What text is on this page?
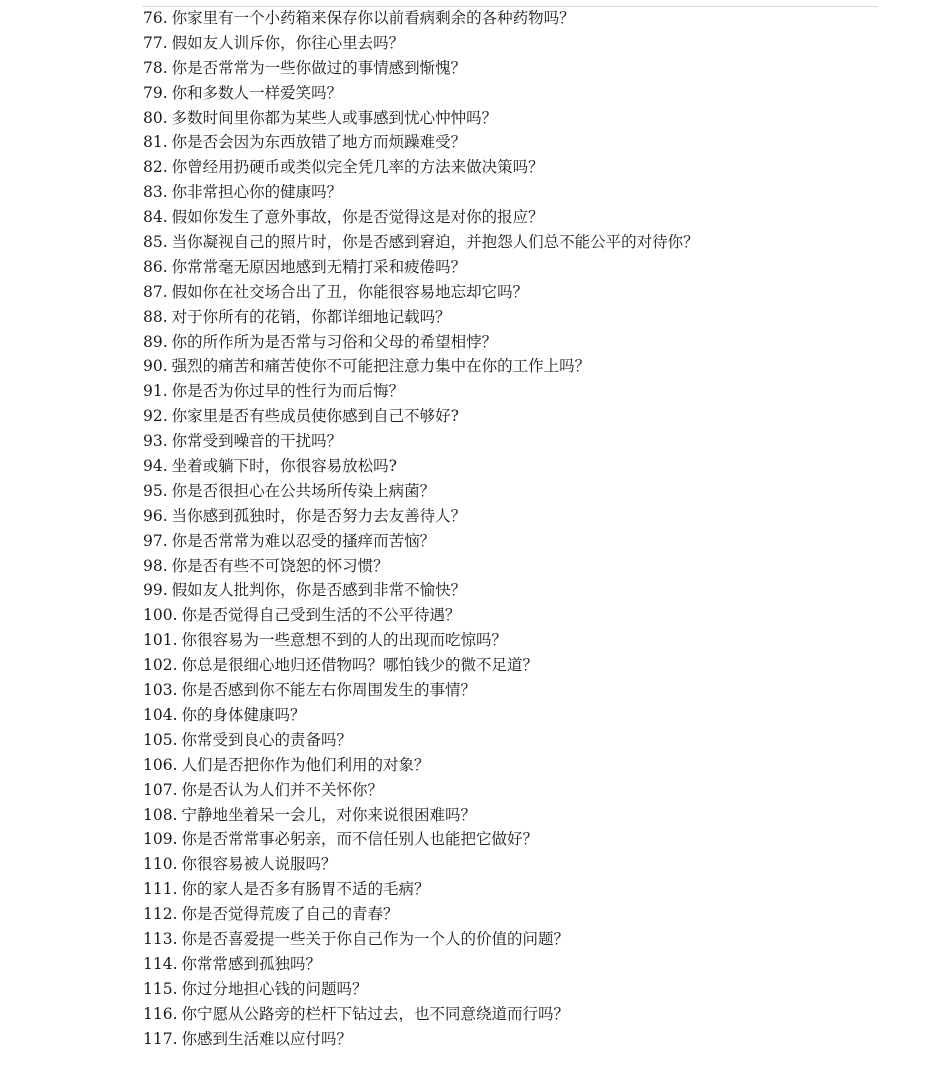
76. 你家里有一个小药箱来保存你以前看病剩余的各种药物吗？
77. 假如友人训斥你，你往心里去吗？
78. 你是否常常为一些你做过的事情感到惭愧？
79. 你和多数人一样爱笑吗？
80. 多数时间里你都为某些人或事感到忧心忡忡吗？
81. 你是否会因为东西放错了地方而烦躁难受？
82. 你曾经用扔硬币或类似完全凭几率的方法来做决策吗？
83. 你非常担心你的健康吗？
84. 假如你发生了意外事故，你是否觉得这是对你的报应？
85. 当你凝视自己的照片时，你是否感到窘迫，并抱怨人们总不能公平的对待你？
86. 你常常毫无原因地感到无精打采和疲倦吗？
87. 假如你在社交场合出了丑，你能很容易地忘却它吗？
88. 对于你所有的花销，你都详细地记载吗？
89. 你的所作所为是否常与习俗和父母的希望相悖？
90. 强烈的痛苦和痛苦使你不可能把注意力集中在你的工作上吗？
91. 你是否为你过早的性行为而后悔？
92. 你家里是否有些成员使你感到自己不够好?
93. 你常受到噪音的干扰吗？
94. 坐着或躺下时，你很容易放松吗?
95. 你是否很担心在公共场所传染上病菌？
96. 当你感到孤独时，你是否努力去友善待人？
97. 你是否常常为难以忍受的搔痒而苦恼？
98. 你是否有些不可饶恕的怀习惯？
99. 假如友人批判你，你是否感到非常不愉快？
100. 你是否觉得自己受到生活的不公平待遇？
101. 你很容易为一些意想不到的人的出现而吃惊吗？
102. 你总是很细心地归还借物吗？哪怕钱少的微不足道？
103. 你是否感到你不能左右你周围发生的事情？
104. 你的身体健康吗？
105. 你常受到良心的责备吗？
106. 人们是否把你作为他们利用的对象？
107. 你是否认为人们并不关怀你？
108. 宁静地坐着呆一会儿，对你来说很困难吗？
109. 你是否常常事必躬亲，而不信任别人也能把它做好？
110. 你很容易被人说服吗？
111. 你的家人是否多有肠胃不适的毛病？
112. 你是否觉得荒废了自己的青春？
113. 你是否喜爱提一些关于你自己作为一个人的价值的问题？
114. 你常常感到孤独吗？
115. 你过分地担心钱的问题吗？
116. 你宁愿从公路旁的栏杆下钻过去，也不同意绕道而行吗？
117. 你感到生活难以应付吗？
